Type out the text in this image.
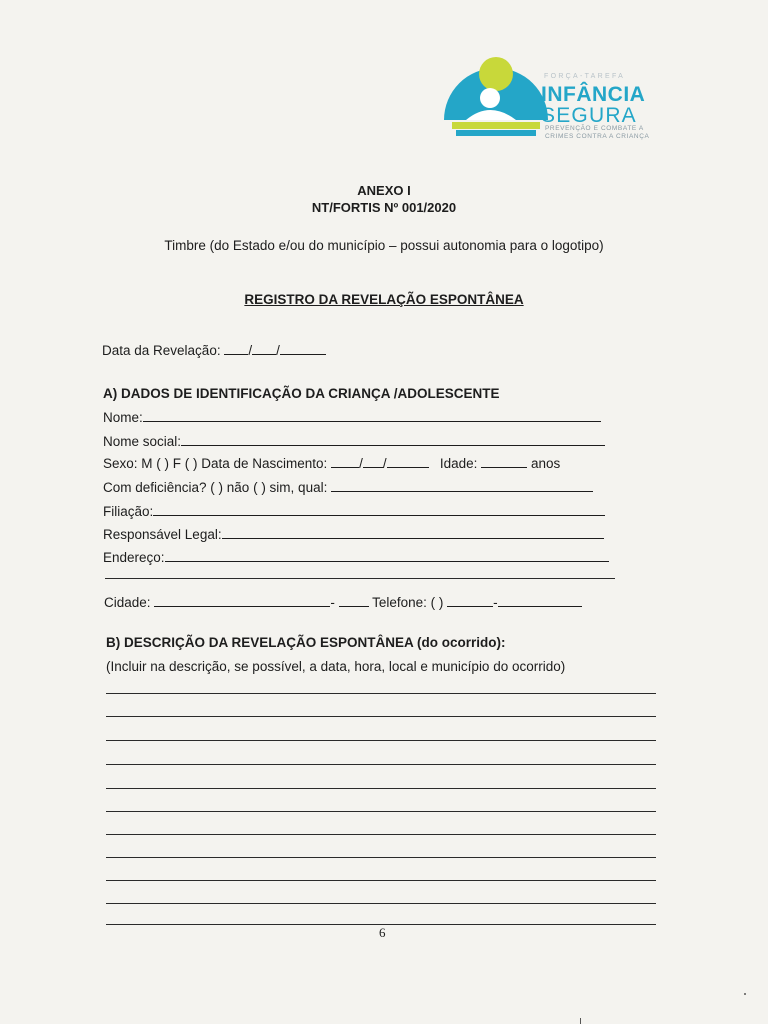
FORÇA-TAREFA
INFÂNCIA
SEGURA
PREVENÇÃO E COMBATE A
CRIMES CONTRA A CRIANÇA
ANEXO I
NT/FORTIS Nº 001/2020
Timbre (do Estado e/ou do município – possui autonomia para o logotipo)
REGISTRO DA REVELAÇÃO ESPONTÂNEA
Data da Revelação: / /
A) DADOS DE IDENTIFICAÇÃO DA CRIANÇA /ADOLESCENTE
Nome:
Nome social:
Sexo: M ( ) F ( ) Data de Nascimento: / /	Idade:	anos
Com deficiência? ( ) não ( ) sim, qual:
Filiação:
Responsável Legal:
Endereço:
Cidade:	-	Telefone: ( )	-
B) DESCRIÇÃO DA REVELAÇÃO ESPONTÂNEA (do ocorrido):
(Incluir na descrição, se possível, a data, hora, local e município do ocorrido)
6
